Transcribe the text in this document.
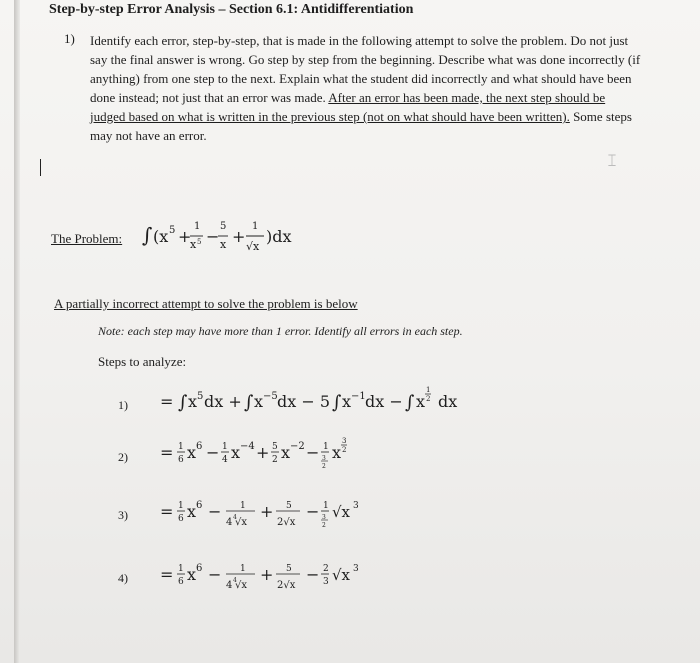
Step-by-step Error Analysis – Section 6.1: Antidifferentiation
1) Identify each error, step-by-step, that is made in the following attempt to solve the problem. Do not just say the final answer is wrong. Go step by step from the beginning. Describe what was done incorrectly (if anything) from one step to the next. Explain what the student did incorrectly and what should have been done instead; not just that an error was made. After an error has been made, the next step should be judged based on what is written in the previous step (not on what should have been written). Some steps may not have an error.
𝙸
The Problem: ∫ (x 5 +
1
x 5 −
5
x +
1
√x
)dx
A partially incorrect attempt to solve the problem is below
Note: each step may have more than 1 error. Identify all errors in each step.
Steps to analyze:
1) = ∫ x 5 dx + ∫ x −5 dx − 5 ∫ x −1 dx − ∫ x
1
2 dx
2) = 1
6 x 6 − 1
4 x −4 + 5
2 x −2 − 1
3
2
x
3
2
3) = 1
6 x 6 − 1
4 4
√x
+ 5
2√x
− 1
3
2
√x 3
4) = 1
6 x 6 − 1
4 4
√x
+ 5
2√x
− 2
3 √x 3
